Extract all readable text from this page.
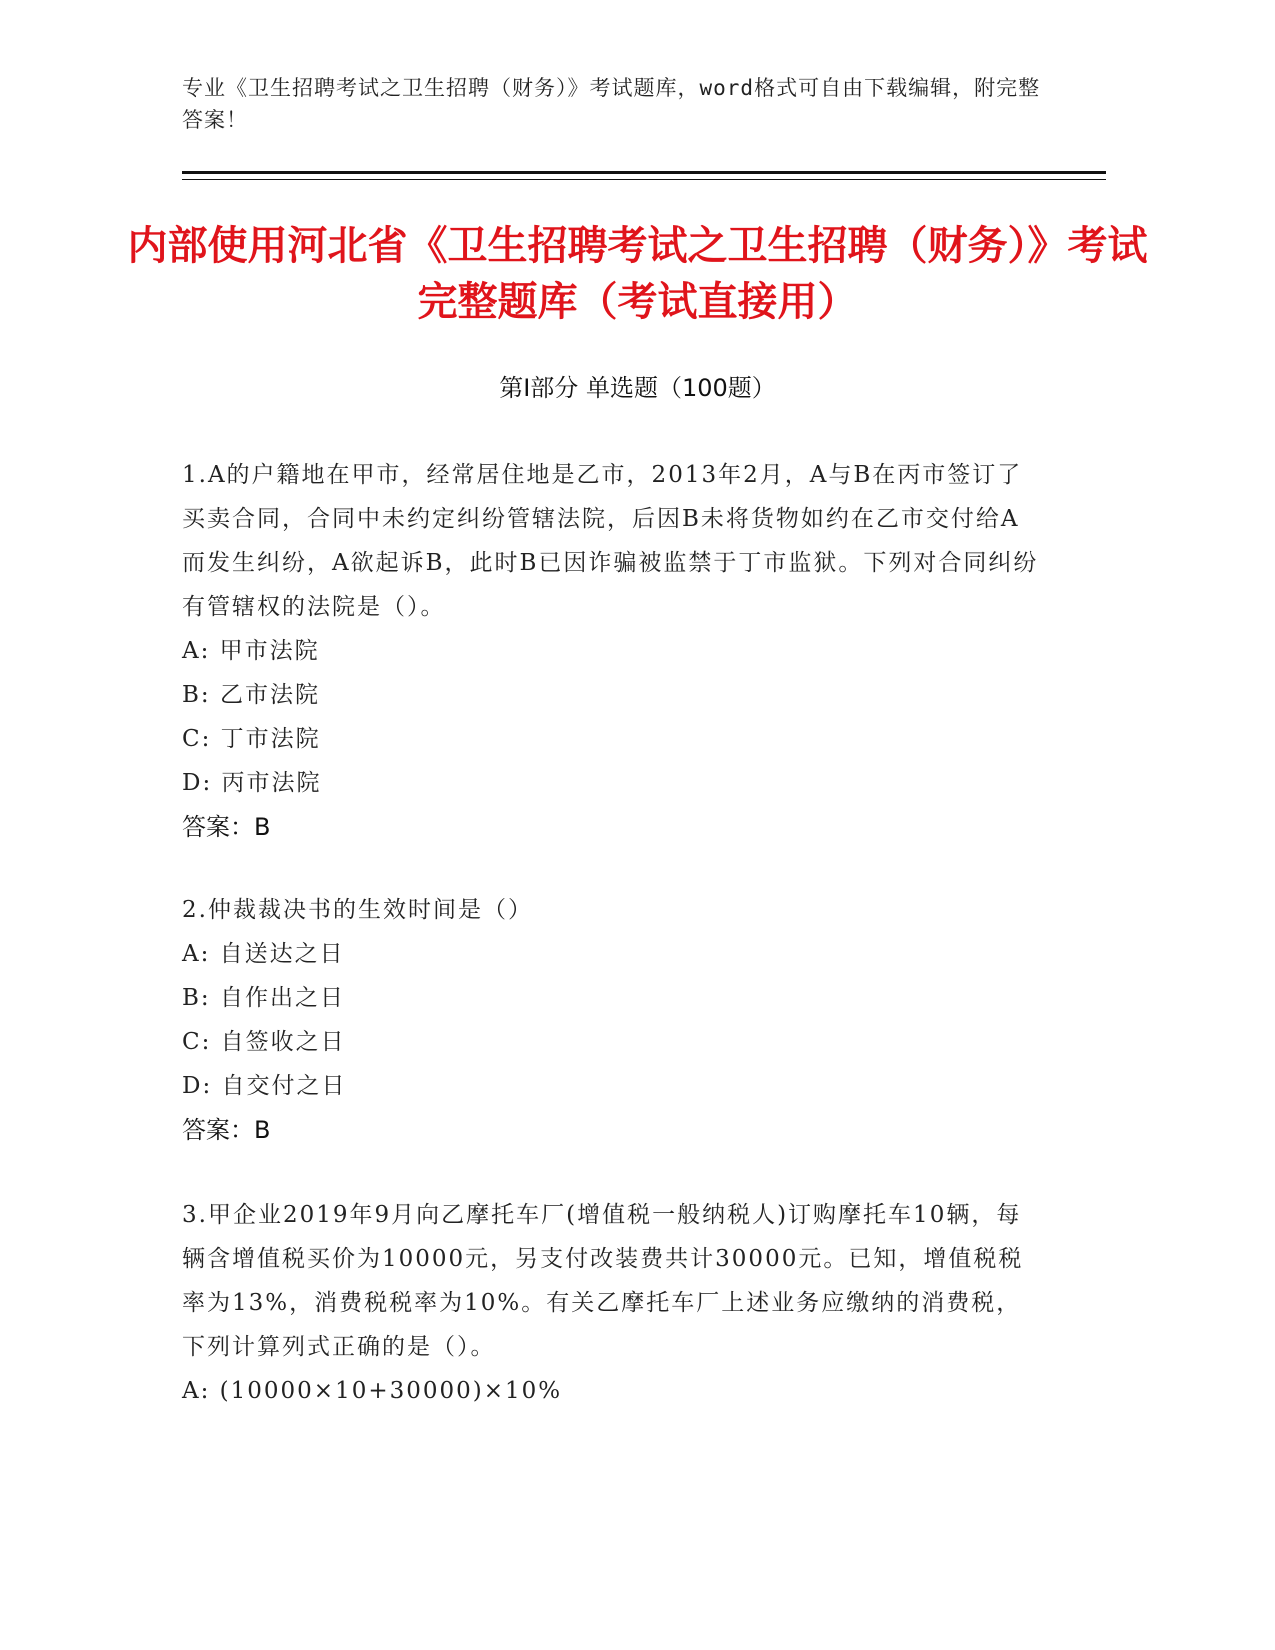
专业《卫生招聘考试之卫生招聘（财务）》考试题库，word格式可自由下载编辑，附完整答案！
内部使用河北省《卫生招聘考试之卫生招聘（财务）》考试完整题库（考试直接用）
第I部分 单选题（100题）
1.A的户籍地在甲市，经常居住地是乙市，2013年2月，A与B在丙市签订了买卖合同，合同中未约定纠纷管辖法院，后因B未将货物如约在乙市交付给A而发生纠纷，A欲起诉B，此时B已因诈骗被监禁于丁市监狱。下列对合同纠纷有管辖权的法院是（）。
A: 甲市法院
B: 乙市法院
C: 丁市法院
D: 丙市法院
答案：B
2.仲裁裁决书的生效时间是（）
A: 自送达之日
B: 自作出之日
C: 自签收之日
D: 自交付之日
答案：B
3.甲企业2019年9月向乙摩托车厂(增值税一般纳税人)订购摩托车10辆，每辆含增值税买价为10000元，另支付改装费共计30000元。已知，增值税税率为13%，消费税税率为10%。有关乙摩托车厂上述业务应缴纳的消费税，下列计算列式正确的是（）。
A: (10000×10+30000)×10%
